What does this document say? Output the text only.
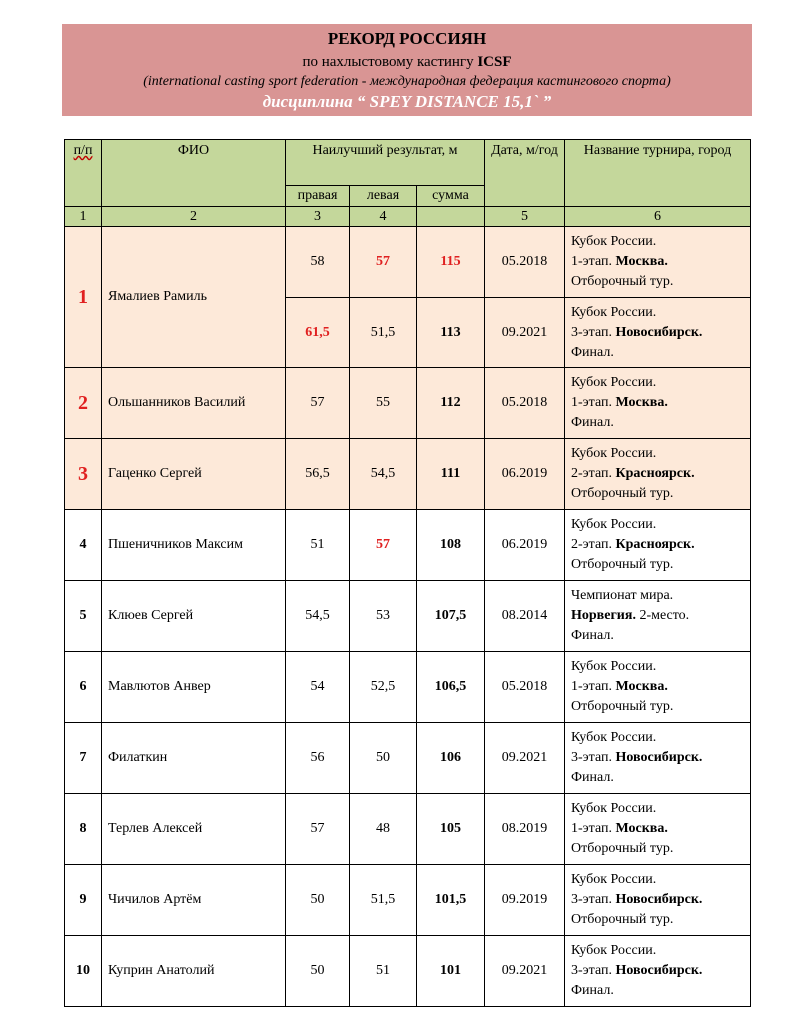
РЕКОРД РОССИЯН
по нахлыстовому кастингу ICSF
(international casting sport federation - международная федерация кастингового спорта)
дисциплина “ SPEY DISTANCE 15,1` ”
п/п	ФИО	Наилучший результат, м			Дата, м/год	Название турнира, город
		правая	левая	сумма		
1	2	3	4		5	6
1	Ямалиев Рамиль	58	57	115	05.2018	Кубок России.
1-этап. Москва.
Отборочный тур.

		61,5	51,5	113	09.2021	Кубок России.
3-этап. Новосибирск.
Финал.

2	Ольшанников Василий	57	55	112	05.2018	Кубок России.
1-этап. Москва.
Финал.

3	Гаценко Сергей	56,5	54,5	111	06.2019	Кубок России.
2-этап. Красноярск.
Отборочный тур.

4	Пшеничников Максим	51	57	108	06.2019	Кубок России.
2-этап. Красноярск.
Отборочный тур.

5	Клюев Сергей	54,5	53	107,5	08.2014	Чемпионат мира.
Норвегия. 2-место.
Финал.

6	Мавлютов Анвер	54	52,5	106,5	05.2018	Кубок России.
1-этап. Москва.
Отборочный тур.

7	Филаткин	56	50	106	09.2021	Кубок России.
3-этап. Новосибирск.
Финал.

8	Терлев Алексей	57	48	105	08.2019	Кубок России.
1-этап. Москва.
Отборочный тур.

9	Чичилов Артём	50	51,5	101,5	09.2019	Кубок России.
3-этап. Новосибирск.
Отборочный тур.

10	Куприн Анатолий	50	51	101	09.2021	Кубок России.
3-этап. Новосибирск.
Финал.
